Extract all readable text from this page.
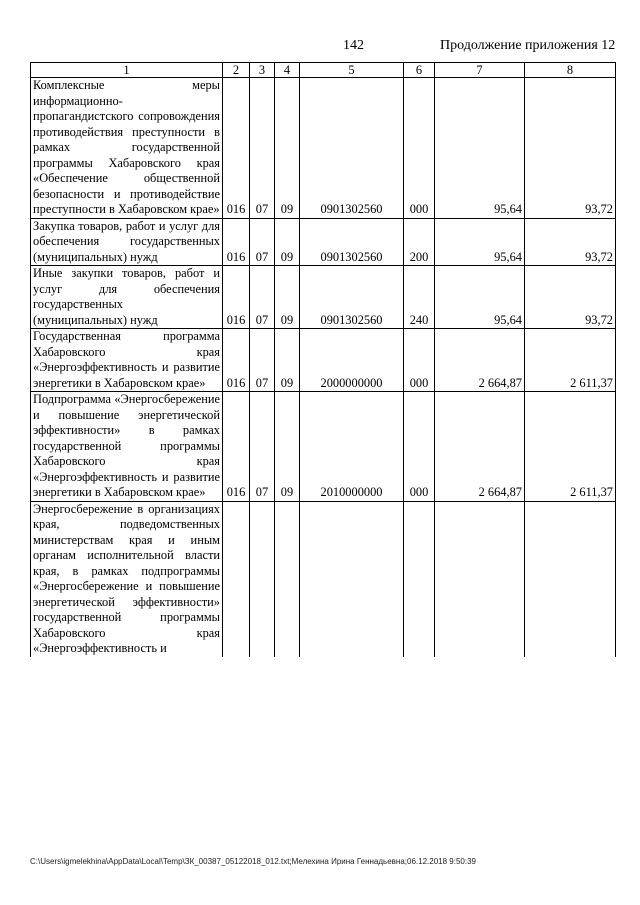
142	Продолжение приложения 12
1	2	3	4	5	6	7	8
Комплексные меры информационно-пропагандистского сопровождения противодействия преступности в рамках государственной программы Хабаровского края «Обеспечение общественной безопасности и противодействие преступности в Хабаровском крае»	016	07	09	0901302560	000	95,64	93,72
Закупка товаров, работ и услуг для обеспечения государственных (муниципальных) нужд	016	07	09	0901302560	200	95,64	93,72
Иные закупки товаров, работ и услуг для обеспечения государственных (муниципальных) нужд	016	07	09	0901302560	240	95,64	93,72
Государственная программа Хабаровского края «Энергоэффективность и развитие энергетики в Хабаровском крае»	016	07	09	2000000000	000	2 664,87	2 611,37
Подпрограмма «Энергосбережение и повышение энергетической эффективности» в рамках государственной программы Хабаровского края «Энергоэффективность и развитие энергетики в Хабаровском крае»	016	07	09	2010000000	000	2 664,87	2 611,37
Энергосбережение в организациях края, подведомственных министерствам края и иным органам исполнительной власти края, в рамках подпрограммы «Энергосбережение и повышение энергетической эффективности» государственной программы Хабаровского края «Энергоэффективность и							
C:\Users\igmelekhina\AppData\Local\Temp\ЗК_00387_05122018_012.txt;Мелехина Ирина Геннадьевна;06.12.2018 9:50:39
